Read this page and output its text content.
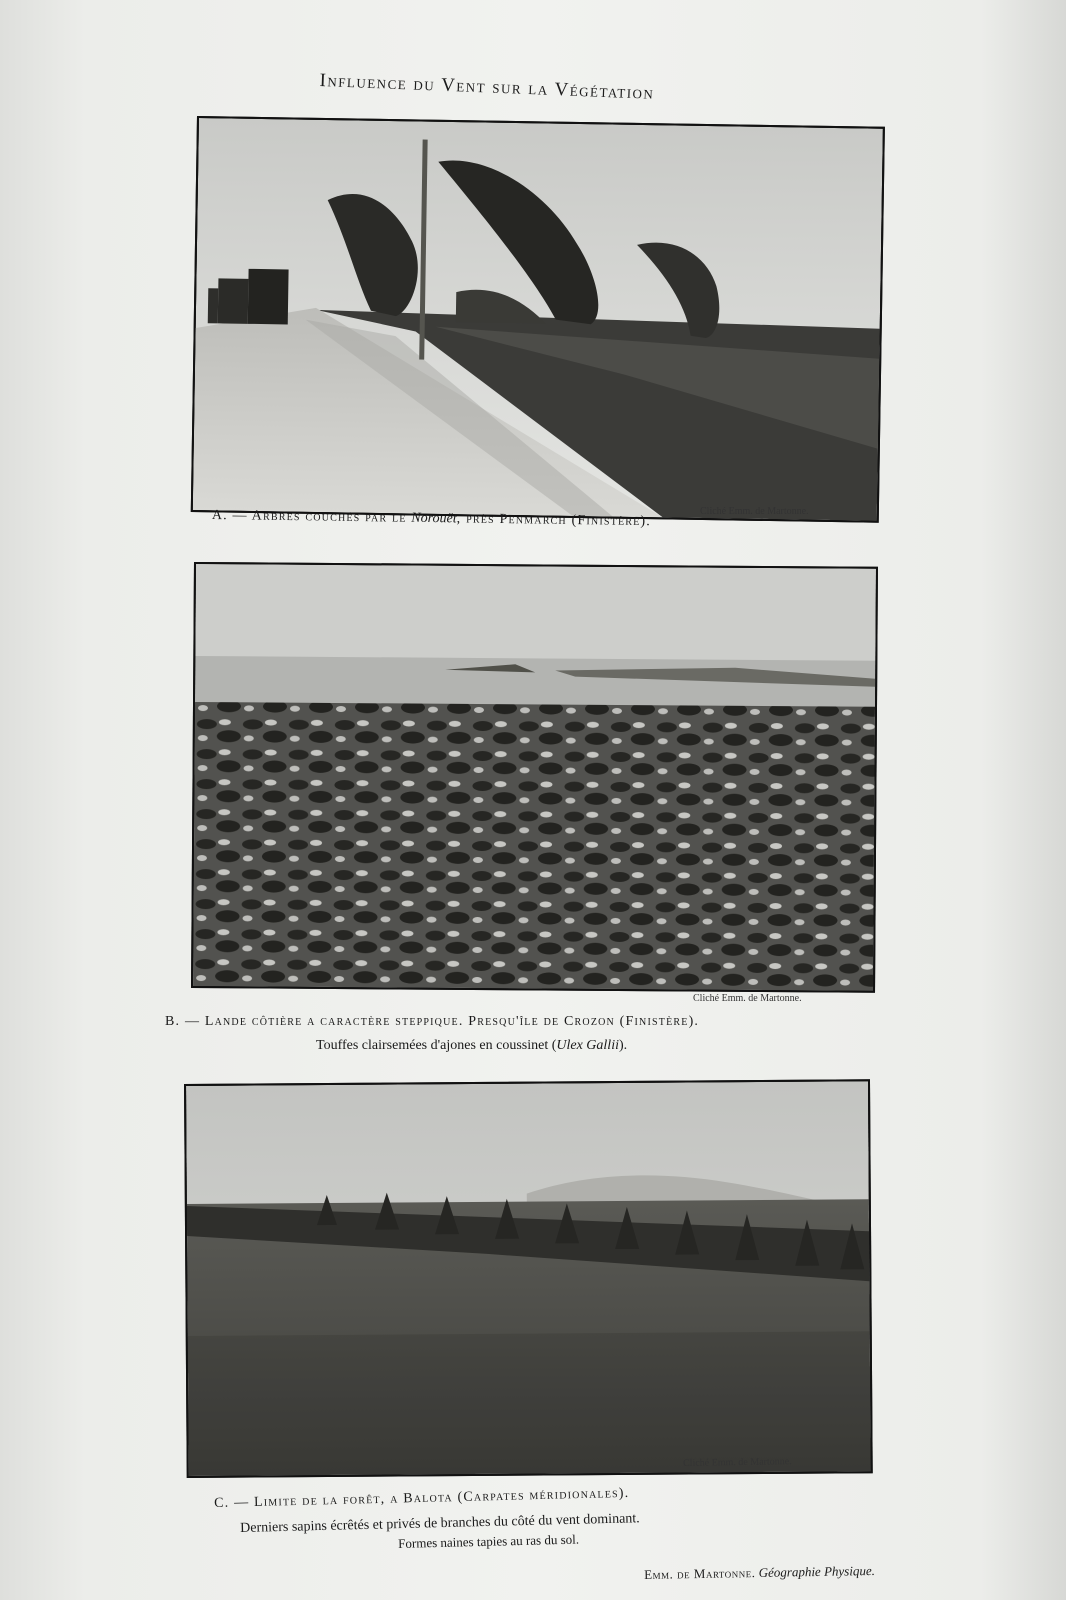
Influence du Vent sur la Végétation
Cliché Emm. de Martonne.
A. — Arbres couchés par le Norouët, près Penmarch (Finistère).
Cliché Emm. de Martonne.
B. — Lande côtière a caractère steppique. Presqu'île de Crozon (Finistère).
Touffes clairsemées d'ajones en coussinet (Ulex Gallii).
Cliché Emm. de Martonne.
C. — Limite de la forêt, a Balota (Carpates méridionales).
Derniers sapins écrêtés et privés de branches du côté du vent dominant.
Formes naines tapies au ras du sol.
Emm. de Martonne. Géographie Physique.
